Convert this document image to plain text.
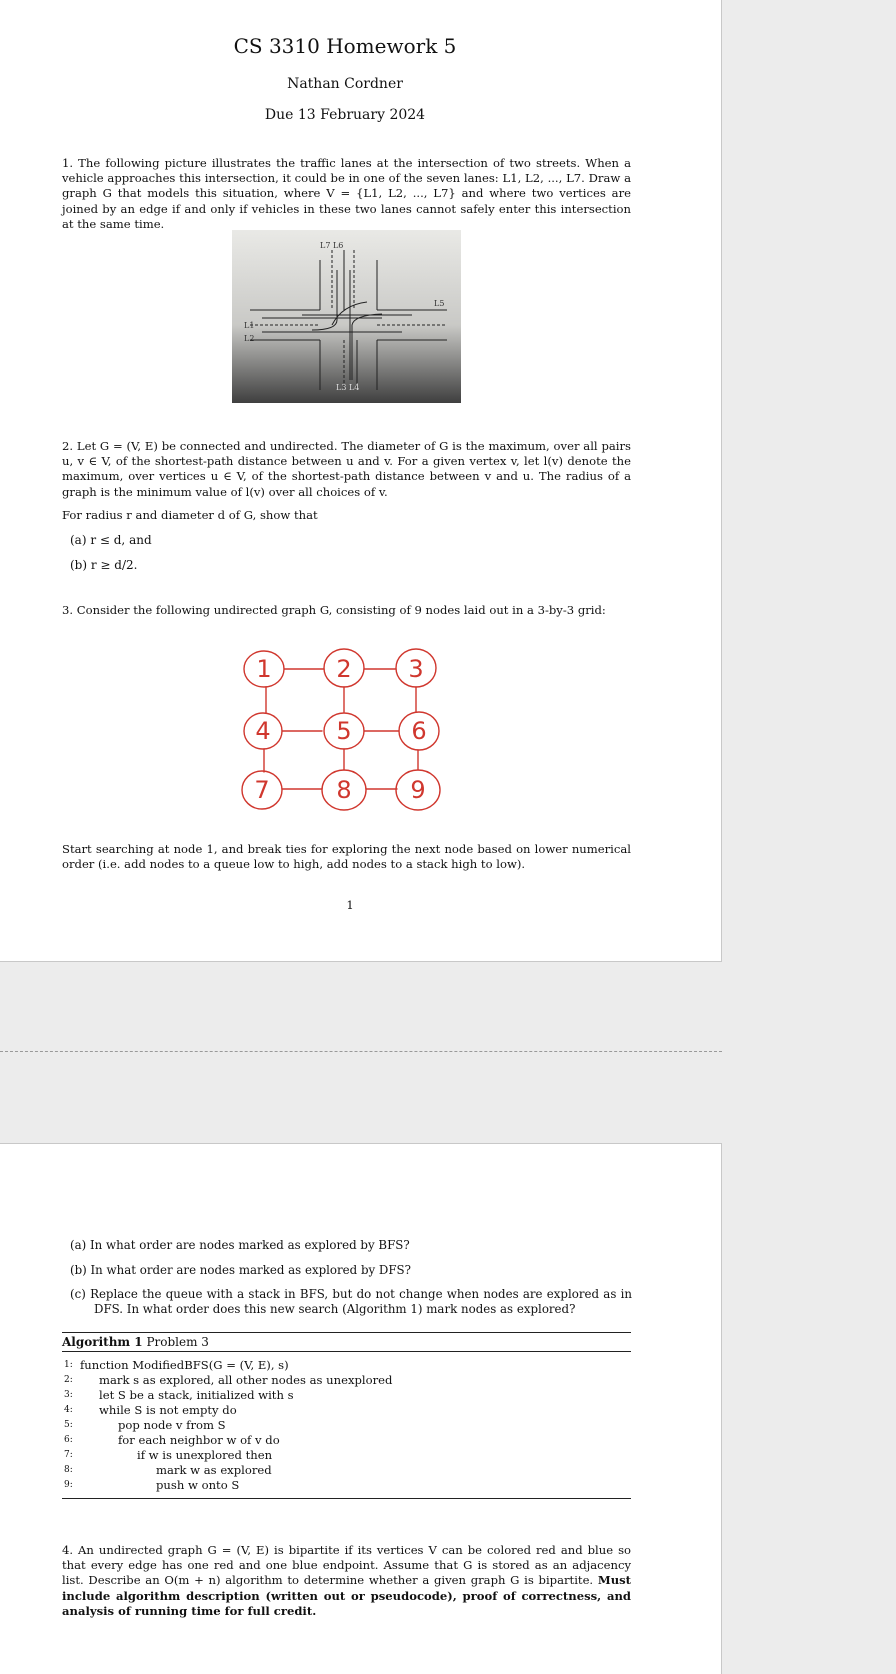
CS 3310 Homework 5
Nathan Cordner
Due 13 February 2024
1. The following picture illustrates the traffic lanes at the intersection of two streets. When a vehicle approaches this intersection, it could be in one of the seven lanes: L1, L2, ..., L7. Draw a graph G that models this situation, where V = {L1, L2, ..., L7} and where two vertices are joined by an edge if and only if vehicles in these two lanes cannot safely enter this intersection at the same time.
L7 L6
L5
L1
L2
L3 L4
2. Let G = (V, E) be connected and undirected. The diameter of G is the maximum, over all pairs u, v ∈ V, of the shortest-path distance between u and v. For a given vertex v, let l(v) denote the maximum, over vertices u ∈ V, of the shortest-path distance between v and u. The radius of a graph is the minimum value of l(v) over all choices of v.
For radius r and diameter d of G, show that
(a) r ≤ d, and
(b) r ≥ d/2.
3. Consider the following undirected graph G, consisting of 9 nodes laid out in a 3-by-3 grid:
1	2 3
4	5 6
7	8 9
Start searching at node 1, and break ties for exploring the next node based on lower numerical order (i.e. add nodes to a queue low to high, add nodes to a stack high to low).
1
(a) In what order are nodes marked as explored by BFS?
(b) In what order are nodes marked as explored by DFS?
(c) Replace the queue with a stack in BFS, but do not change when nodes are explored as in DFS. In what order does this new search (Algorithm 1) mark nodes as explored?
Algorithm 1 Problem 3
1: function ModifiedBFS(G = (V, E), s)
2: mark s as explored, all other nodes as unexplored
3: let S be a stack, initialized with s
4: while S is not empty do
5:	pop node v from S
6:	for each neighbor w of v do
7:	if w is unexplored then
8:	mark w as explored
9:	push w onto S
4. An undirected graph G = (V, E) is bipartite if its vertices V can be colored red and blue so that every edge has one red and one blue endpoint. Assume that G is stored as an adjacency list. Describe an O(m + n) algorithm to determine whether a given graph G is bipartite. Must include algorithm description (written out or pseudocode), proof of correctness, and analysis of running time for full credit.
